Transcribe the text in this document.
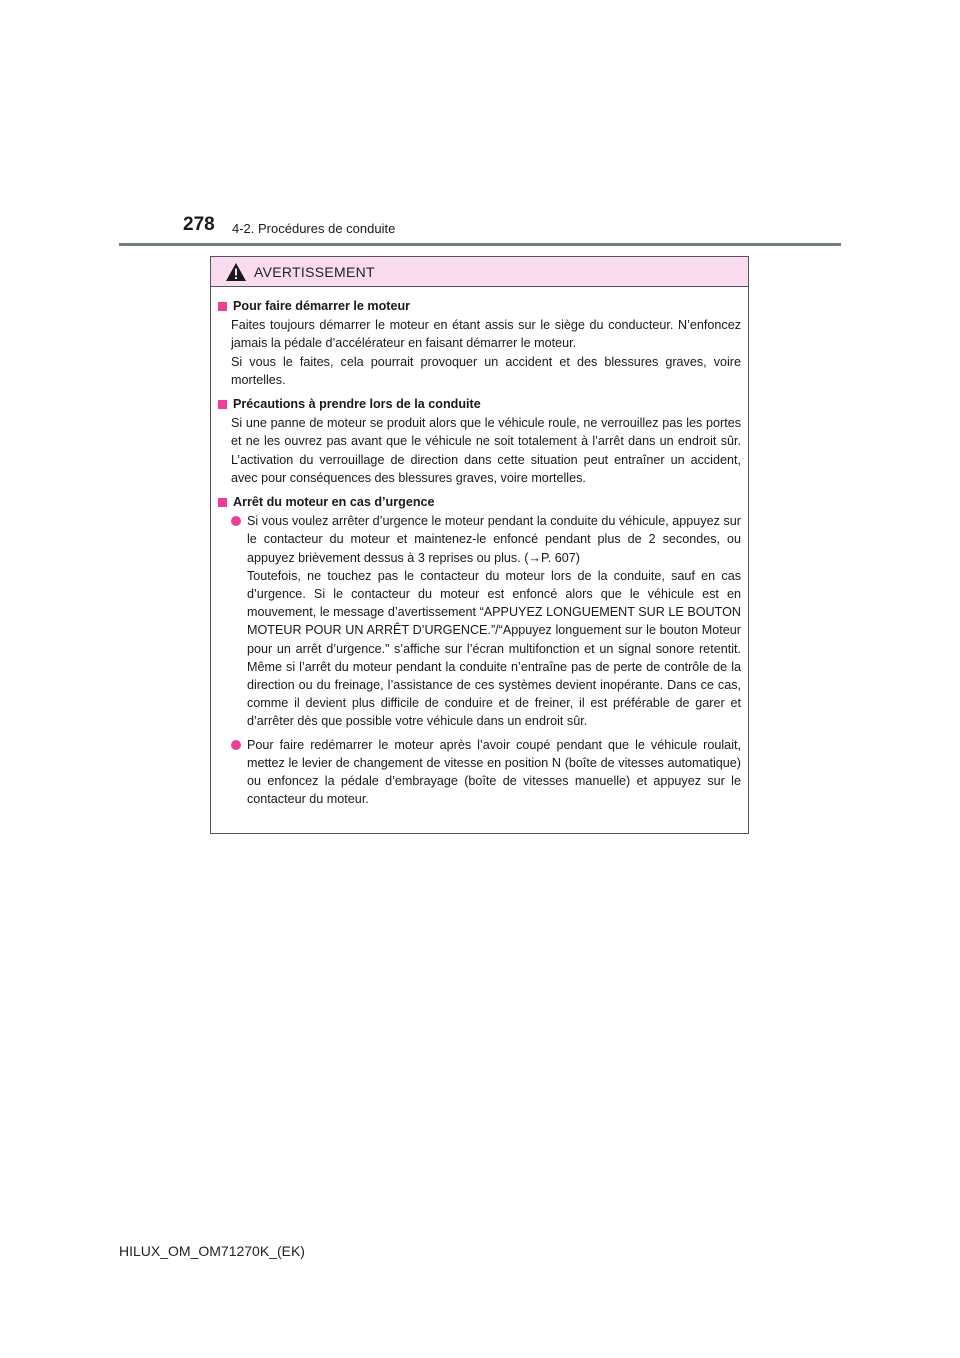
278 4-2. Procédures de conduite
AVERTISSEMENT
Pour faire démarrer le moteur

Faites toujours démarrer le moteur en étant assis sur le siège du conducteur. N’enfoncez jamais la pédale d’accélérateur en faisant démarrer le moteur.

Si vous le faites, cela pourrait provoquer un accident et des blessures graves, voire mortelles.

Précautions à prendre lors de la conduite

Si une panne de moteur se produit alors que le véhicule roule, ne verrouillez pas les portes et ne les ouvrez pas avant que le véhicule ne soit totalement à l’arrêt dans un endroit sûr. L’activation du verrouillage de direction dans cette situation peut entraîner un accident, avec pour conséquences des blessures graves, voire mortelles.

Arrêt du moteur en cas d’urgence
Si vous voulez arrêter d’urgence le moteur pendant la conduite du véhicule, appuyez sur le contacteur du moteur et maintenez-le enfoncé pendant plus de 2 secondes, ou appuyez brièvement dessus à 3 reprises ou plus. (→P. 607)
Toutefois, ne touchez pas le contacteur du moteur lors de la conduite, sauf en cas d’urgence. Si le contacteur du moteur est enfoncé alors que le véhicule est en mouvement, le message d’avertissement “APPUYEZ LONGUEMENT SUR LE BOUTON MOTEUR POUR UN ARRÊT D’URGENCE.”/“Appuyez longuement sur le bouton Moteur pour un arrêt d’urgence.” s’affiche sur l’écran multifonction et un signal sonore retentit. Même si l’arrêt du moteur pendant la conduite n’entraîne pas de perte de contrôle de la direction ou du freinage, l’assistance de ces systèmes devient inopérante. Dans ce cas, comme il devient plus difficile de conduire et de freiner, il est préférable de garer et d’arrêter dès que possible votre véhicule dans un endroit sûr.
Pour faire redémarrer le moteur après l’avoir coupé pendant que le véhicule roulait, mettez le levier de changement de vitesse en position N (boîte de vitesses automatique) ou enfoncez la pédale d’embrayage (boîte de vitesses manuelle) et appuyez sur le contacteur du moteur.
HILUX_OM_OM71270K_(EK)
